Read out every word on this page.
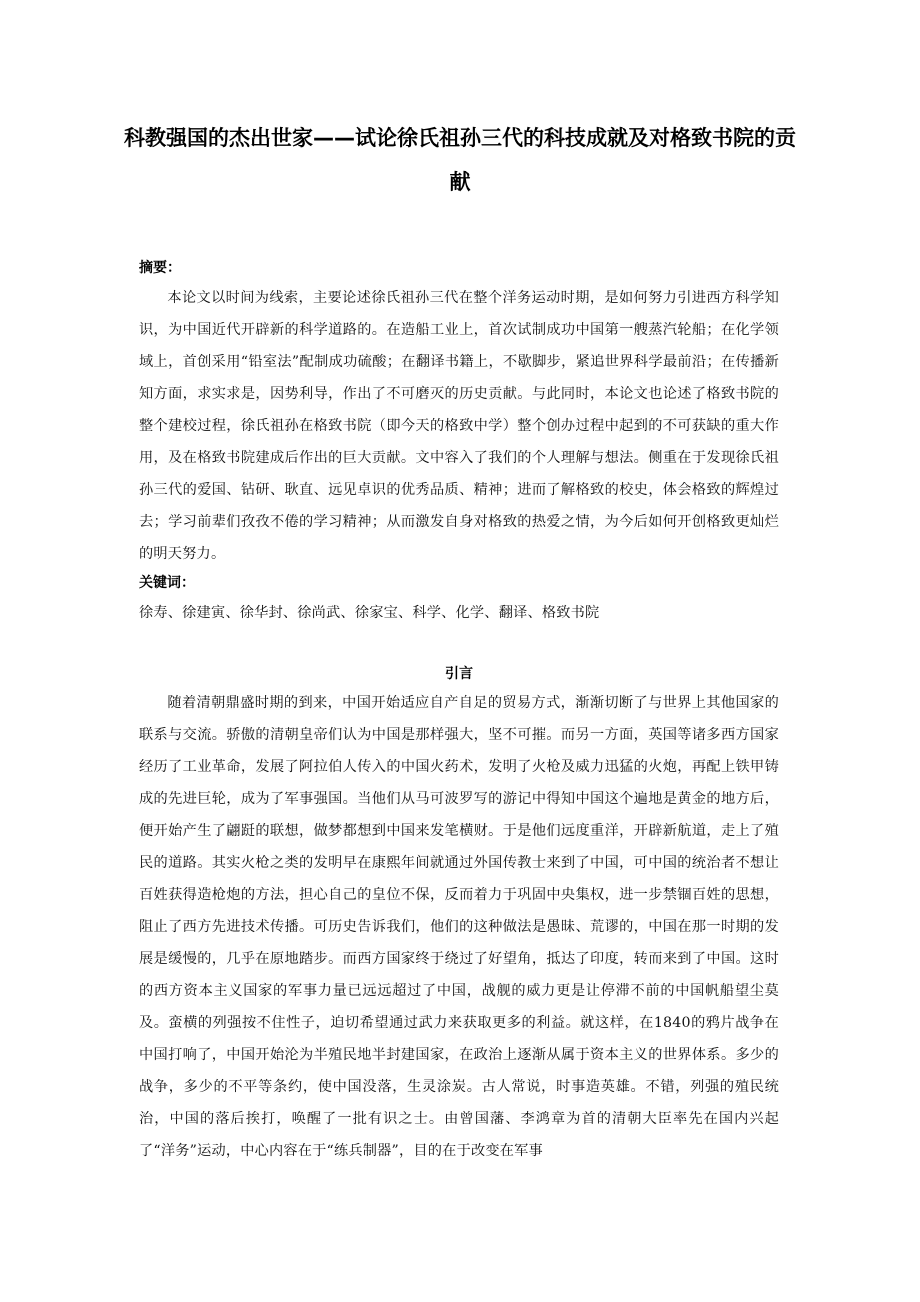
科教强国的杰出世家——试论徐氏祖孙三代的科技成就及对格致书院的贡献
摘要：

本论文以时间为线索，主要论述徐氏祖孙三代在整个洋务运动时期，是如何努力引进西方科学知识，为中国近代开辟新的科学道路的。在造船工业上，首次试制成功中国第一艘蒸汽轮船；在化学领域上，首创采用“铅室法”配制成功硫酸；在翻译书籍上，不歇脚步，紧追世界科学最前沿；在传播新知方面，求实求是，因势利导，作出了不可磨灭的历史贡献。与此同时，本论文也论述了格致书院的整个建校过程，徐氏祖孙在格致书院（即今天的格致中学）整个创办过程中起到的不可获缺的重大作用，及在格致书院建成后作出的巨大贡献。文中容入了我们的个人理解与想法。侧重在于发现徐氏祖孙三代的爱国、钻研、耿直、远见卓识的优秀品质、精神；进而了解格致的校史，体会格致的辉煌过去；学习前辈们孜孜不倦的学习精神；从而激发自身对格致的热爱之情，为今后如何开创格致更灿烂的明天努力。

关键词：

徐寿、徐建寅、徐华封、徐尚武、徐家宝、科学、化学、翻译、格致书院

引言

随着清朝鼎盛时期的到来，中国开始适应自产自足的贸易方式，渐渐切断了与世界上其他国家的联系与交流。骄傲的清朝皇帝们认为中国是那样强大，坚不可摧。而另一方面，英国等诸多西方国家经历了工业革命，发展了阿拉伯人传入的中国火药术，发明了火枪及威力迅猛的火炮，再配上铁甲铸成的先进巨轮，成为了军事强国。当他们从马可波罗写的游记中得知中国这个遍地是黄金的地方后，便开始产生了翩跹的联想，做梦都想到中国来发笔横财。于是他们远度重洋，开辟新航道，走上了殖民的道路。其实火枪之类的发明早在康熙年间就通过外国传教士来到了中国，可中国的统治者不想让百姓获得造枪炮的方法，担心自己的皇位不保，反而着力于巩固中央集权，进一步禁锢百姓的思想，阻止了西方先进技术传播。可历史告诉我们，他们的这种做法是愚昧、荒谬的，中国在那一时期的发展是缓慢的，几乎在原地踏步。而西方国家终于绕过了好望角，抵达了印度，转而来到了中国。这时的西方资本主义国家的军事力量已远远超过了中国，战舰的威力更是让停滞不前的中国帆船望尘莫及。蛮横的列强按不住性子，迫切希望通过武力来获取更多的利益。就这样，在1840的鸦片战争在中国打响了，中国开始沦为半殖民地半封建国家，在政治上逐渐从属于资本主义的世界体系。多少的战争，多少的不平等条约，使中国没落，生灵涂炭。古人常说，时事造英雄。不错，列强的殖民统治，中国的落后挨打，唤醒了一批有识之士。由曾国藩、李鸿章为首的清朝大臣率先在国内兴起了“洋务”运动，中心内容在于“练兵制器”，目的在于改变在军事
